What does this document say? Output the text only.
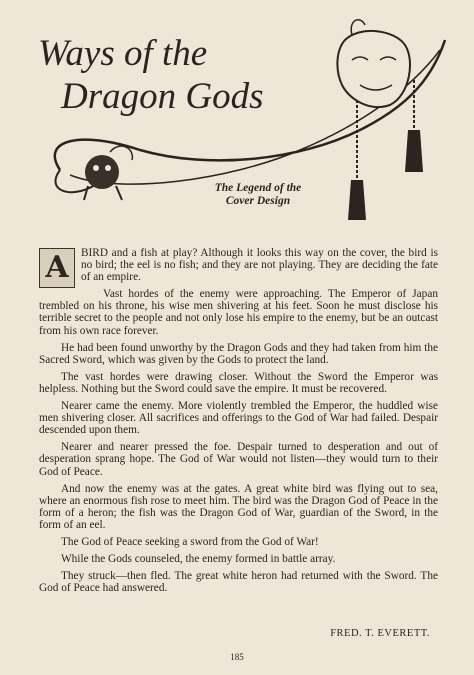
Ways of the
Dragon Gods
The Legend of the
Cover Design

A	BIRD and a fish at play? Although it looks this way on the cover, the bird is no bird; the eel is no fish; and they are not playing. They are deciding the fate of an empire.

Vast hordes of the enemy were approaching. The Emperor of Japan trembled on his throne, his wise men shivering at his feet. Soon he must disclose his terrible secret to the people and not only lose his empire to the enemy, but be an outcast from his own race forever.

He had been found unworthy by the Dragon Gods and they had taken from him the Sacred Sword, which was given by the Gods to protect the land.

The vast hordes were drawing closer. Without the Sword the Emperor was helpless. Nothing but the Sword could save the empire. It must be recovered.

Nearer came the enemy. More violently trembled the Emperor, the huddled wise men shivering closer. All sacrifices and offerings to the God of War had failed. Despair descended upon them.

Nearer and nearer pressed the foe. Despair turned to desperation and out of desperation sprang hope. The God of War would not listen—they would turn to their God of Peace.

And now the enemy was at the gates. A great white bird was flying out to sea, where an enormous fish rose to meet him. The bird was the Dragon God of Peace in the form of a heron; the fish was the Dragon God of War, guardian of the Sword, in the form of an eel.

The God of Peace seeking a sword from the God of War!

While the Gods counseled, the enemy formed in battle array.

They struck—then fled. The great white heron had returned with the Sword. The God of Peace had answered.

FRED. T. EVERETT.
185
